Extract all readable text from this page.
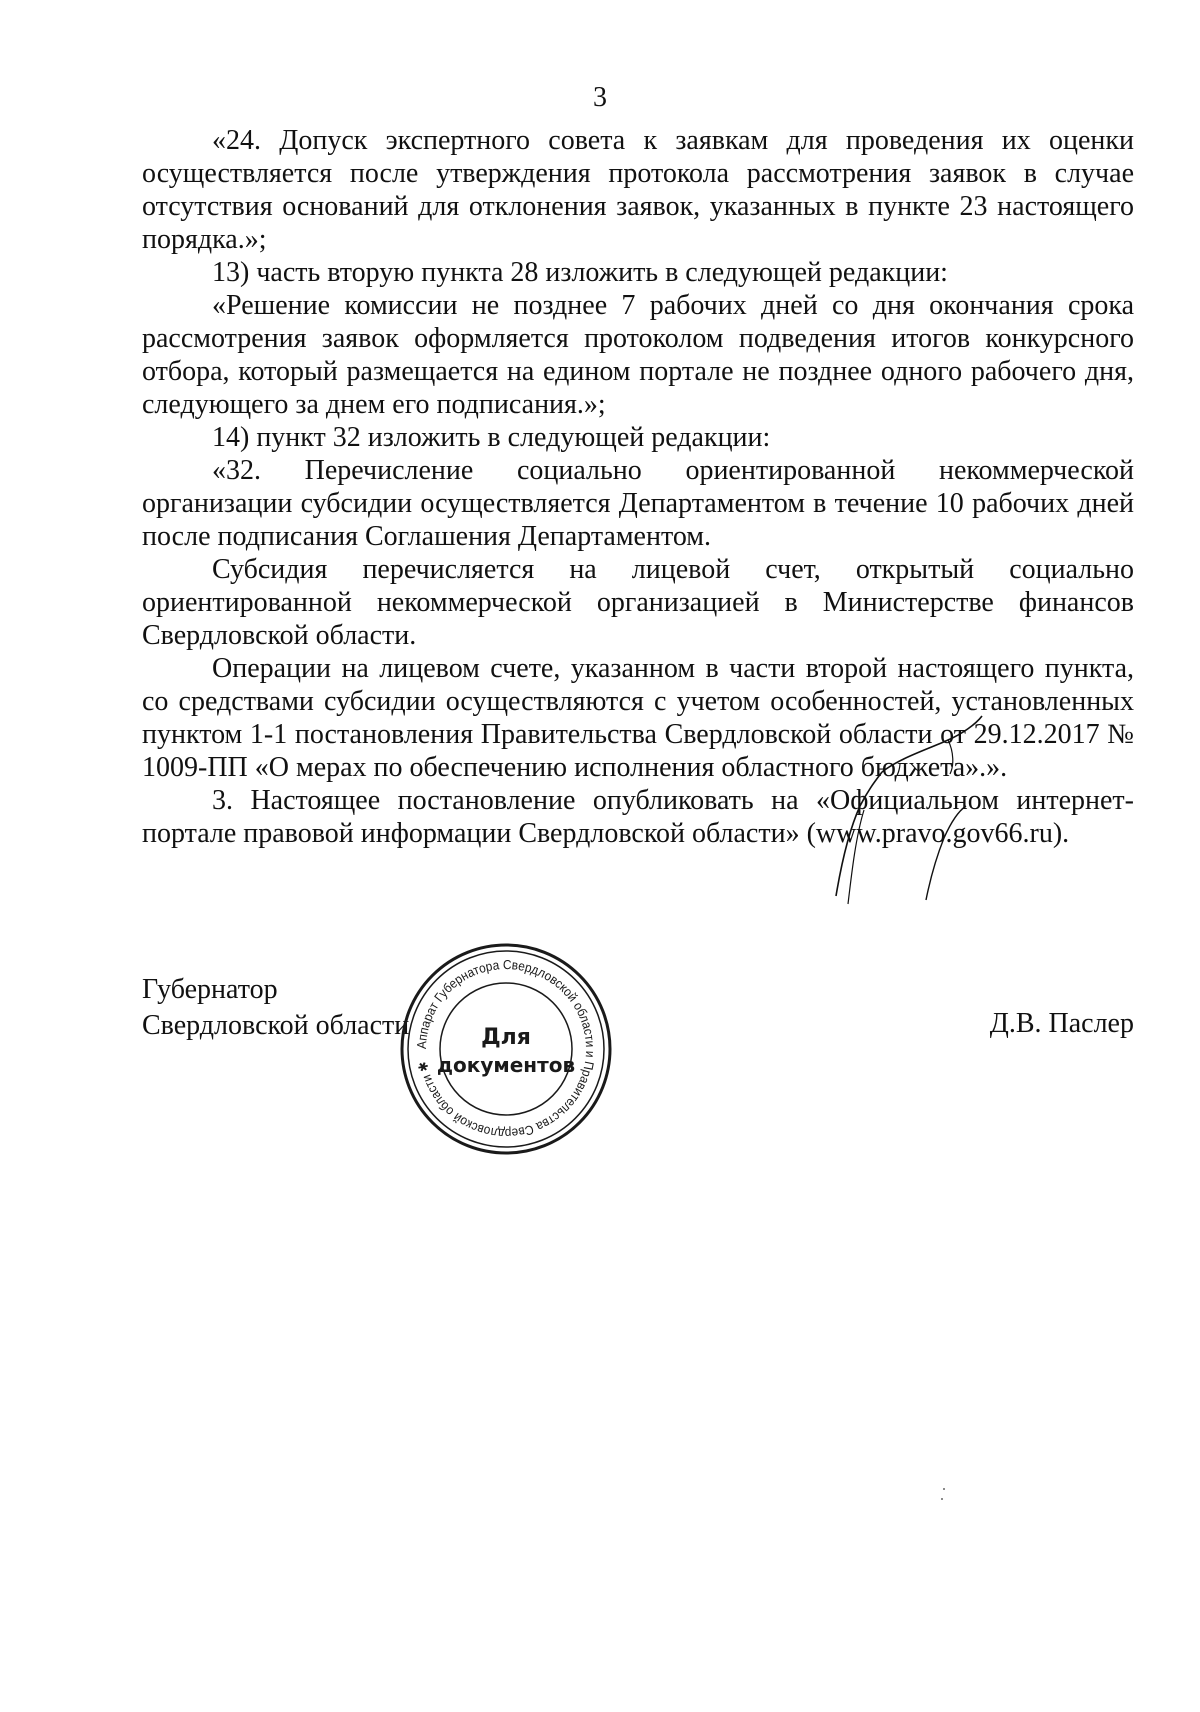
3

«24. Допуск экспертного совета к заявкам для проведения их оценки осуществляется после утверждения протокола рассмотрения заявок в случае отсутствия оснований для отклонения заявок, указанных в пункте 23 настоящего порядка.»;

13) часть вторую пункта 28 изложить в следующей редакции:

«Решение комиссии не позднее 7 рабочих дней со дня окончания срока рассмотрения заявок оформляется протоколом подведения итогов конкурсного отбора, который размещается на едином портале не позднее одного рабочего дня, следующего за днем его подписания.»;

14) пункт 32 изложить в следующей редакции:

«32. Перечисление социально ориентированной некоммерческой организации субсидии осуществляется Департаментом в течение 10 рабочих дней после подписания Соглашения Департаментом.

Субсидия перечисляется на лицевой счет, открытый социально ориентированной некоммерческой организацией в Министерстве финансов Свердловской области.

Операции на лицевом счете, указанном в части второй настоящего пункта, со средствами субсидии осуществляются с учетом особенностей, установленных пунктом 1-1 постановления Правительства Свердловской области от 29.12.2017 № 1009-ПП «О мерах по обеспечению исполнения областного бюджета».».

3. Настоящее постановление опубликовать на «Официальном интернет-портале правовой информации Свердловской области» (www.pravo.gov66.ru).

Губернатор
Свердловской области	Д.В. Паслер
Аппарат Губернатора Свердловской области и Правительства Свердловской области ✱
Для
документов
